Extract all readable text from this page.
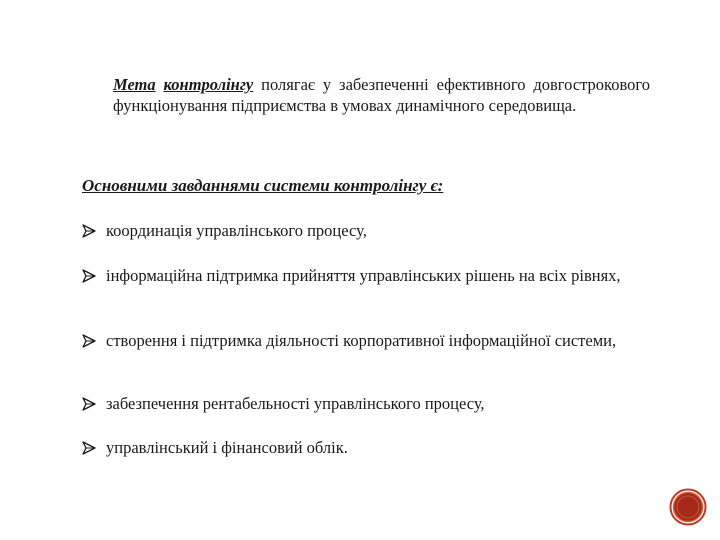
Мета контролінгу полягає у забезпеченні ефективного довгострокового функціонування підприємства в умовах динамічного середовища.
Основними завданнями системи контролінгу є:
координація управлінського процесу,
інформаційна підтримка прийняття управлінських рішень на всіх рівнях,
створення і підтримка діяльності корпоративної інформаційної системи,
забезпечення рентабельності управлінського процесу,
управлінський і фінансовий облік.
